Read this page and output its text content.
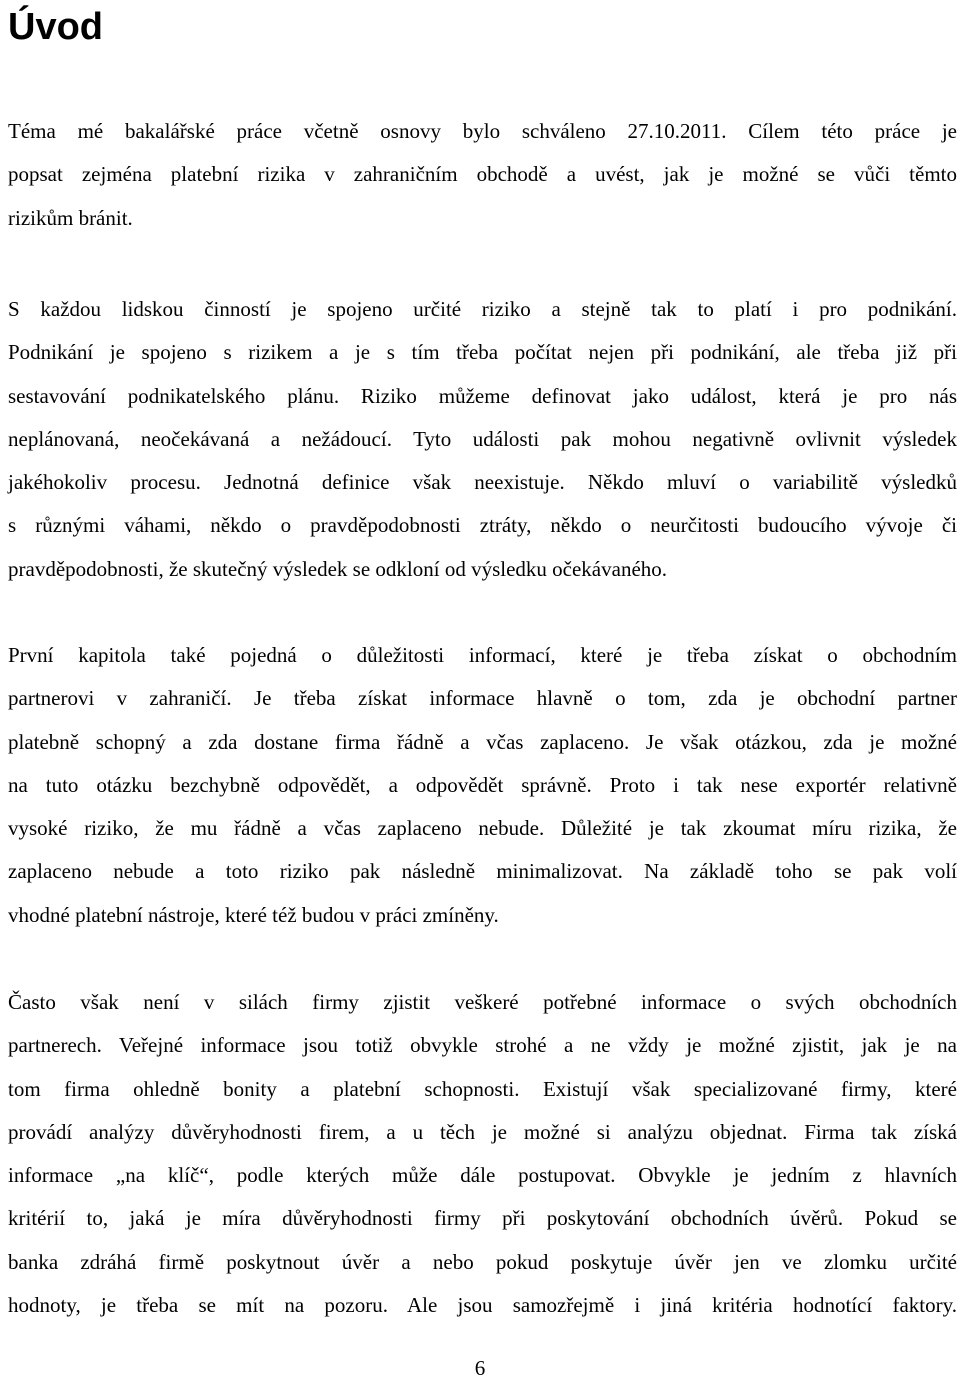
Úvod
Téma mé bakalářské práce včetně osnovy bylo schváleno 27.10.2011. Cílem této práce je
popsat zejména platební rizika v zahraničním obchodě a uvést, jak je možné se vůči těmto
rizikům bránit.
S každou lidskou činností je spojeno určité riziko a stejně tak to platí i pro podnikání.
Podnikání je spojeno s rizikem a je s tím třeba počítat nejen při podnikání, ale třeba již při
sestavování podnikatelského plánu. Riziko můžeme definovat jako událost, která je pro nás
neplánovaná, neočekávaná a nežádoucí. Tyto události pak mohou negativně ovlivnit výsledek
jakéhokoliv procesu. Jednotná definice však neexistuje. Někdo mluví o variabilitě výsledků
s různými váhami, někdo o pravděpodobnosti ztráty, někdo o neurčitosti budoucího vývoje či
pravděpodobnosti, že skutečný výsledek se odkloní od výsledku očekávaného.
První kapitola také pojedná o důležitosti informací, které je třeba získat o obchodním
partnerovi v zahraničí. Je třeba získat informace hlavně o tom, zda je obchodní partner
platebně schopný a zda dostane firma řádně a včas zaplaceno. Je však otázkou, zda je možné
na tuto otázku bezchybně odpovědět, a odpovědět správně. Proto i tak nese exportér relativně
vysoké riziko, že mu řádně a včas zaplaceno nebude. Důležité je tak zkoumat míru rizika, že
zaplaceno nebude a toto riziko pak následně minimalizovat. Na základě toho se pak volí
vhodné platební nástroje, které též budou v práci zmíněny.
Často však není v silách firmy zjistit veškeré potřebné informace o svých obchodních
partnerech. Veřejné informace jsou totiž obvykle strohé a ne vždy je možné zjistit, jak je na
tom firma ohledně bonity a platební schopnosti. Existují však specializované firmy, které
provádí analýzy důvěryhodnosti firem, a u těch je možné si analýzu objednat. Firma tak získá
informace „na klíč“, podle kterých může dále postupovat. Obvykle je jedním z hlavních
kritérií to, jaká je míra důvěryhodnosti firmy při poskytování obchodních úvěrů. Pokud se
banka zdráhá firmě poskytnout úvěr a nebo pokud poskytuje úvěr jen ve zlomku určité
hodnoty, je třeba se mít na pozoru. Ale jsou samozřejmě i jiná kritéria hodnotící faktory.

6
